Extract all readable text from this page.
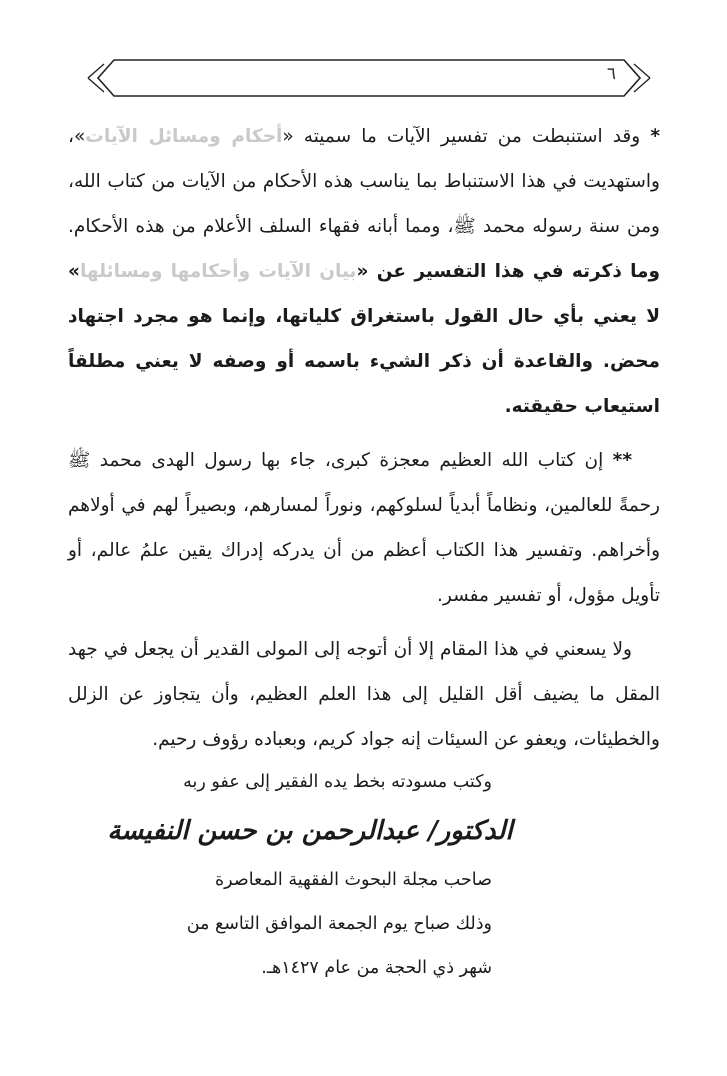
٦

* وقد استنبطت من تفسير الآيات ما سميته «أحكام ومسائل الآيات»، واستهديت في هذا الاستنباط بما يناسب هذه الأحكام من الآيات من كتاب الله، ومن سنة رسوله محمد ﷺ، ومما أبانه فقهاء السلف الأعلام من هذه الأحكام. وما ذكرته في هذا التفسير عن «بيان الآيات وأحكامها ومسائلها» لا يعني بأي حال القول باستغراق كلياتها، وإنما هو مجرد اجتهاد محض. والقاعدة أن ذكر الشيء باسمه أو وصفه لا يعني مطلقاً استيعاب حقيقته.

** إن كتاب الله العظيم معجزة كبرى، جاء بها رسول الهدى محمد ﷺ رحمةً للعالمين، ونظاماً أبدياً لسلوكهم، ونوراً لمسارهم، وبصيراً لهم في أولاهم وأخراهم. وتفسير هذا الكتاب أعظم من أن يدركه إدراك يقين علمُ عالم، أو تأويل مؤول، أو تفسير مفسر.

ولا يسعني في هذا المقام إلا أن أتوجه إلى المولى القدير أن يجعل في جهد المقل ما يضيف أقل القليل إلى هذا العلم العظيم، وأن يتجاوز عن الزلل والخطيئات، ويعفو عن السيئات إنه جواد كريم، وبعباده رؤوف رحيم.

وكتب مسودته بخط يده الفقير إلى عفو ربه
الدكتور/ عبدالرحمن بن حسن النفيسة
صاحب مجلة البحوث الفقهية المعاصرة
وذلك صباح يوم الجمعة الموافق التاسع من
شهر ذي الحجة من عام ١٤٢٧هـ.
